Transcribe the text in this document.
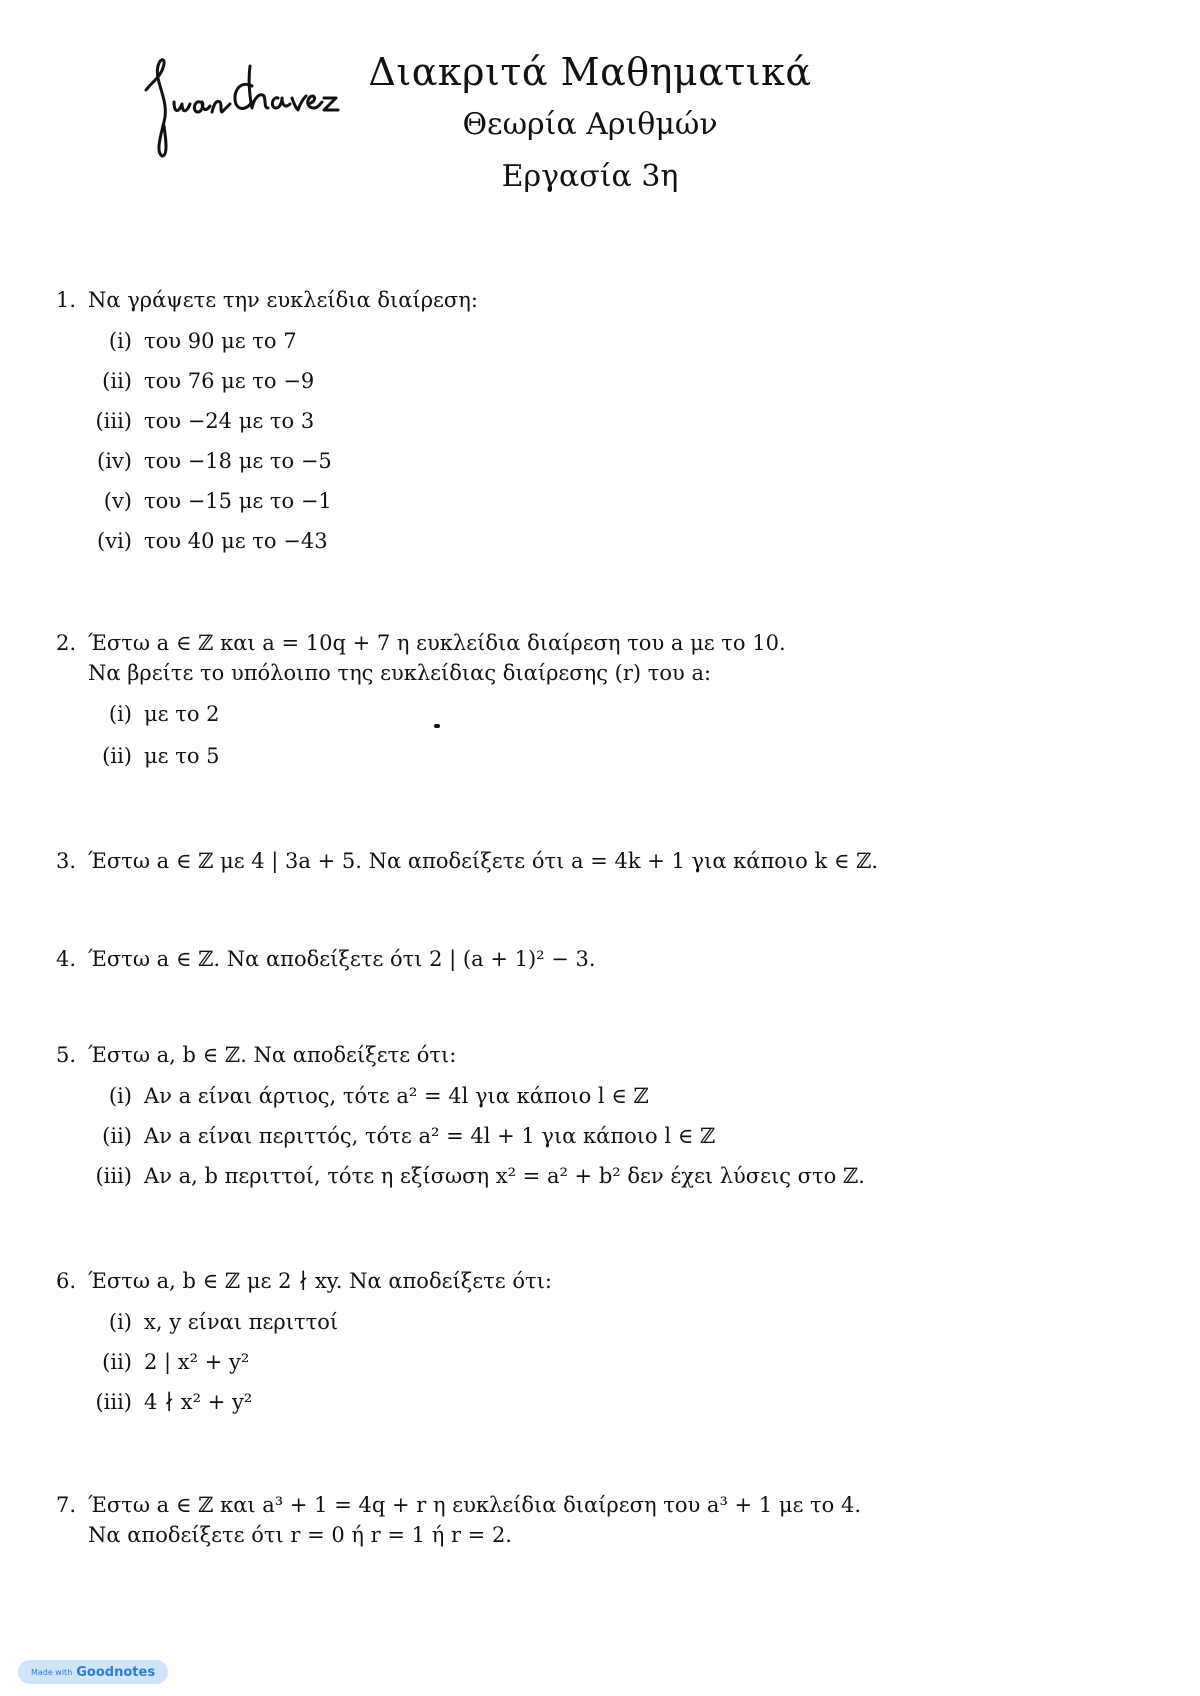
Διακριτά Μαθηματικά
Θεωρία Αριθμών
Εργασία 3η
1. Να γράψετε την ευκλείδια διαίρεση:
(i) του 90 με το 7
(ii) του 76 με το −9
(iii) του −24 με το 3
(iv) του −18 με το −5
(v) του −15 με το −1
(vi) του 40 με το −43
2. Έστω a ∈ ℤ και a = 10q + 7 η ευκλείδια διαίρεση του a με το 10.
Να βρείτε το υπόλοιπο της ευκλείδιας διαίρεσης (r) του a:
(i) με το 2
(ii) με το 5
3. Έστω a ∈ ℤ με 4 | 3a + 5. Να αποδείξετε ότι a = 4k + 1 για κάποιο k ∈ ℤ.
4. Έστω a ∈ ℤ. Να αποδείξετε ότι 2 | (a + 1)² − 3.
5. Έστω a, b ∈ ℤ. Να αποδείξετε ότι:
(i) Αν a είναι άρτιος, τότε a² = 4l για κάποιο l ∈ ℤ
(ii) Αν a είναι περιττός, τότε a² = 4l + 1 για κάποιο l ∈ ℤ
(iii) Αν a, b περιττοί, τότε η εξίσωση x² = a² + b² δεν έχει λύσεις στο ℤ.
6. Έστω a, b ∈ ℤ με 2 ∤ xy. Να αποδείξετε ότι:
(i) x, y είναι περιττοί
(ii) 2 | x² + y²
(iii) 4 ∤ x² + y²
7. Έστω a ∈ ℤ και a³ + 1 = 4q + r η ευκλείδια διαίρεση του a³ + 1 με το 4.
Να αποδείξετε ότι r = 0 ή r = 1 ή r = 2.
Made with Goodnotes
